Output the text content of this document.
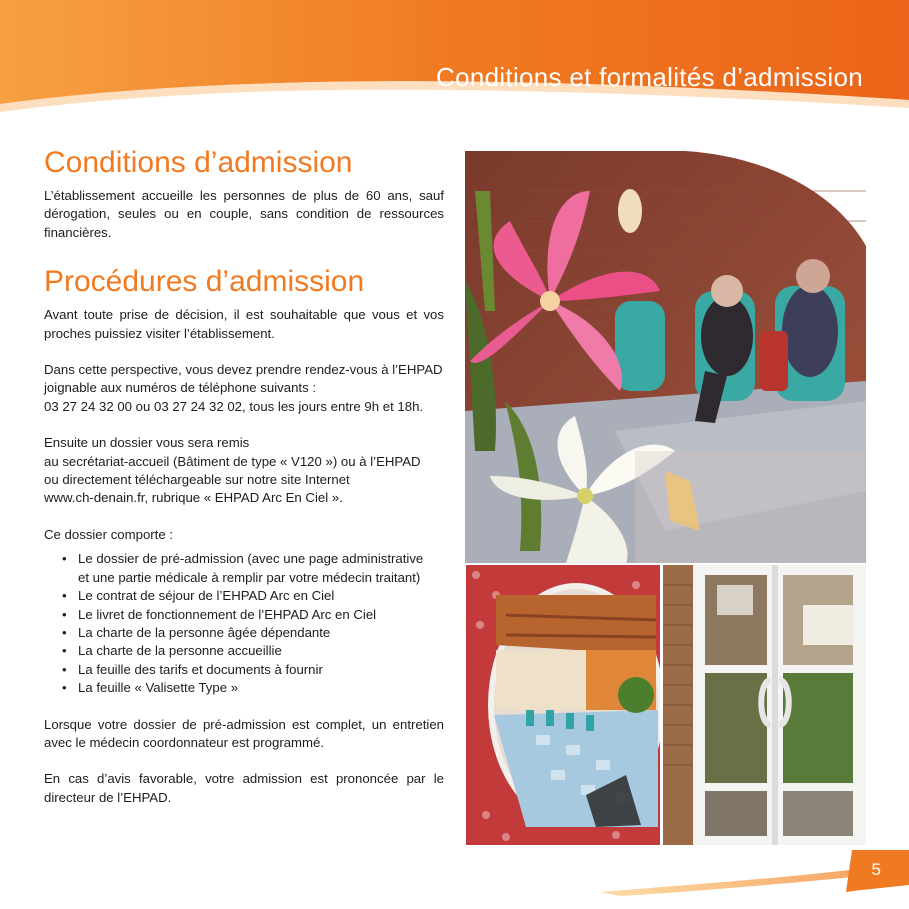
Conditions et formalités d’admission
Conditions d’admission

L’établissement accueille les personnes de plus de 60 ans, sauf dérogation, seules ou en couple, sans condition de ressources financières.

Procédures d’admission

Avant toute prise de décision, il est souhaitable que vous et vos proches puissiez visiter l’établissement.

Dans cette perspective, vous devez prendre rendez-vous à l’EHPAD
joignable aux numéros de téléphone suivants :
03 27 24 32 00 ou 03 27 24 32 02, tous les jours entre 9h et 18h.

Ensuite un dossier vous sera remis
au secrétariat-accueil (Bâtiment de type « V120 ») ou à l’EHPAD
ou directement téléchargeable sur notre site Internet
www.ch-denain.fr, rubrique « EHPAD Arc En Ciel ».

Ce dossier comporte :

• Le dossier de pré-admission (avec une page administrative
et une partie médicale à remplir par votre médecin traitant)
• Le contrat de séjour de l’EHPAD Arc en Ciel
• Le livret de fonctionnement de l’EHPAD Arc en Ciel
• La charte de la personne âgée dépendante
• La charte de la personne accueillie
• La feuille des tarifs et documents à fournir
• La feuille « Valisette Type »

Lorsque votre dossier de pré-admission est complet, un entretien avec le médecin coordonnateur est programmé.

En cas d’avis favorable, votre admission est prononcée par le directeur de l’EHPAD.

5
